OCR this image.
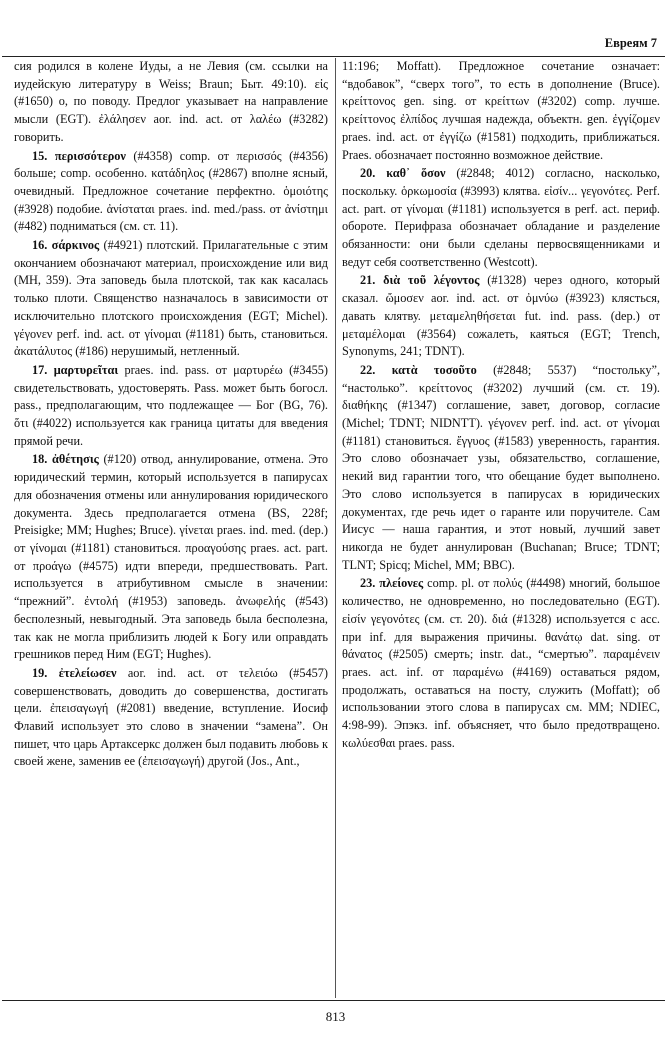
Евреям 7

сия родился в колене Иуды, а не Левия (см. ссылки на иудейскую литературу в Weiss; Braun; Быт. 49:10). εἰς (#1650) о, по поводу. Предлог указывает на направление мысли (EGT). ἐλάλησεν aor. ind. act. от λαλέω (#3282) говорить.

15. περισσότερον (#4358) comp. от περισσός (#4356) больше; comp. особенно. κατάδηλος (#2867) вполне ясный, очевидный. Предложное сочетание перфектно. ὁμοιότης (#3928) подобие. ἀνίσταται praes. ind. med./pass. от ἀνίστημι (#482) подниматься (см. ст. 11).

16. σάρκινος (#4921) плотский. Прилагательные с этим окончанием обозначают материал, происхождение или вид (MH, 359). Эта заповедь была плотской, так как касалась только плоти. Священство назначалось в зависимости от исключительно плотского происхождения (EGT; Michel). γέγονεν perf. ind. act. от γίνομαι (#1181) быть, становиться. ἀκατάλυτος (#186) нерушимый, нетленный.

17. μαρτυρεῖται praes. ind. pass. от μαρτυρέω (#3455) свидетельствовать, удостоверять. Pass. может быть богосл. pass., предполагающим, что подлежащее — Бог (BG, 76). ὅτι (#4022) используется как граница цитаты для введения прямой речи.

18. ἀθέτησις (#120) отвод, аннулирование, отмена. Это юридический термин, который используется в папирусах для обозначения отмены или аннулирования юридического документа. Здесь предполагается отмена (BS, 228f; Preisigke; MM; Hughes; Bruce). γίνεται praes. ind. med. (dep.) от γίνομαι (#1181) становиться. προαγούσης praes. act. part. от προάγω (#4575) идти впереди, предшествовать. Part. используется в атрибутивном смысле в значении: “прежний”. ἐντολή (#1953) заповедь. ἀνωφελής (#543) бесполезный, невыгодный. Эта заповедь была бесполезна, так как не могла приблизить людей к Богу или оправдать грешников перед Ним (EGT; Hughes).

19. ἐτελείωσεν aor. ind. act. от τελειόω (#5457) совершенствовать, доводить до совершенства, достигать цели. ἐπεισαγωγή (#2081) введение, вступление. Иосиф Флавий использует это слово в значении “замена”. Он пишет, что царь Артаксеркс должен был подавить любовь к своей жене, заменив ее (ἐπεισαγωγή) другой (Jos., Ant.,

11:196; Moffatt). Предложное сочетание означает: “вдобавок”, “сверх того”, то есть в дополнение (Bruce). κρείττονος gen. sing. от κρείττων (#3202) comp. лучше. κρείττονος ἐλπίδος лучшая надежда, объектн. gen. ἐγγίζομεν praes. ind. act. от ἐγγίζω (#1581) подходить, приближаться. Praes. обозначает постоянно возможное действие.

20. καθ᾽ ὅσον (#2848; 4012) согласно, насколько, поскольку. ὁρκωμοσία (#3993) клятва. εἰσίν... γεγονότες. Perf. act. part. от γίνομαι (#1181) используется в perf. act. периф. обороте. Перифраза обозначает обладание и разделение обязанности: они были сделаны первосвященниками и ведут себя соответственно (Westcott).

21. διὰ τοῦ λέγοντος (#1328) через одного, который сказал. ὤμοσεν aor. ind. act. от ὀμνύω (#3923) клясться, давать клятву. μεταμεληθήσεται fut. ind. pass. (dep.) от μεταμέλομαι (#3564) сожалеть, каяться (EGT; Trench, Synonyms, 241; TDNT).

22. κατὰ τοσοῦτο (#2848; 5537) “постольку”, “настолько”. κρείττονος (#3202) лучший (см. ст. 19). διαθήκης (#1347) соглашение, завет, договор, согласие (Michel; TDNT; NIDNTT). γέγονεν perf. ind. act. от γίνομαι (#1181) становиться. ἔγγυος (#1583) уверенность, гарантия. Это слово обозначает узы, обязательство, соглашение, некий вид гарантии того, что обещание будет выполнено. Это слово используется в папирусах в юридических документах, где речь идет о гаранте или поручителе. Сам Иисус — наша гарантия, и этот новый, лучший завет никогда не будет аннулирован (Buchanan; Bruce; TDNT; TLNT; Spicq; Michel, MM; BBC).

23. πλείονες comp. pl. от πολύς (#4498) многий, большое количество, не одновременно, но последовательно (EGT). εἰσίν γεγονότες (см. ст. 20). διά (#1328) используется с acc. при inf. для выражения причины. θανάτῳ dat. sing. от θάνατος (#2505) смерть; instr. dat., “смертью”. παραμένειν praes. act. inf. от παραμένω (#4169) оставаться рядом, продолжать, оставаться на посту, служить (Moffatt); об использовании этого слова в папирусах см. MM; NDIEC, 4:98-99). Эпэкз. inf. объясняет, что было предотвращено. κωλύεσθαι praes. pass.

813
